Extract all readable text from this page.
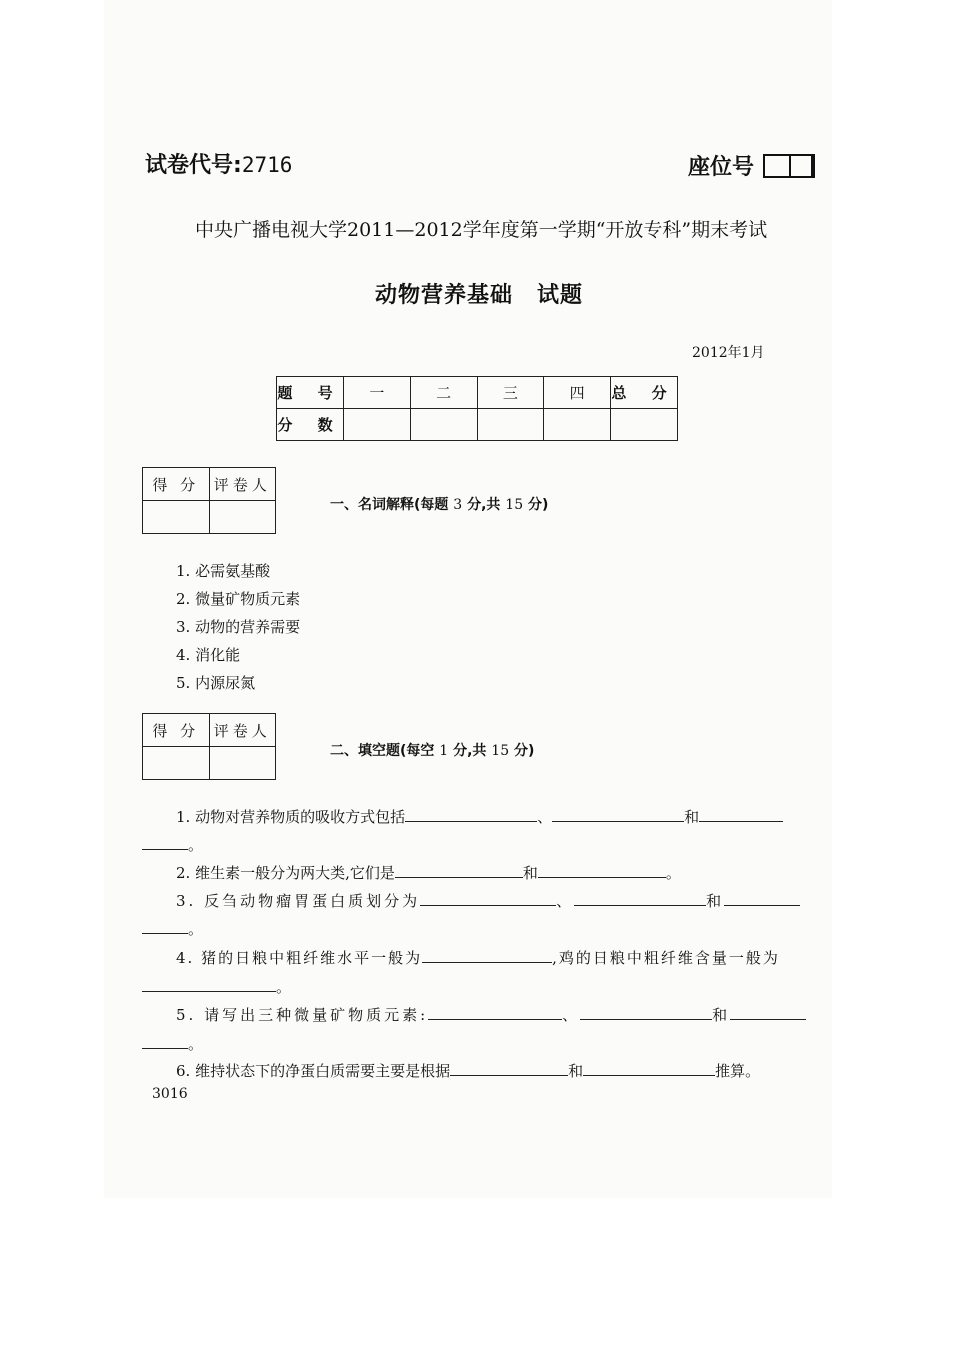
试卷代号:2716	座位号
中央广播电视大学2011—2012学年度第一学期“开放专科”期末考试
动物营养基础 试题
2012年1月
题 号	一	二	三	四	总 分
分 数					
得 分	评卷人

一、名词解释(每题 3 分,共 15 分)
1. 必需氨基酸
2. 微量矿物质元素
3. 动物的营养需要
4. 消化能
5. 内源尿氮
得 分	评卷人

二、填空题(每空 1 分,共 15 分)
1. 动物对营养物质的吸收方式包括	、	和
。
2. 维生素一般分为两大类,它们是	和	。
3. 反刍动物瘤胃蛋白质划分为	、	和
。
4. 猪的日粮中粗纤维水平一般为	,鸡的日粮中粗纤维含量一般为
。
5. 请写出三种微量矿物质元素:	、	和
。
6. 维持状态下的净蛋白质需要主要是根据	和	推算。
3016
